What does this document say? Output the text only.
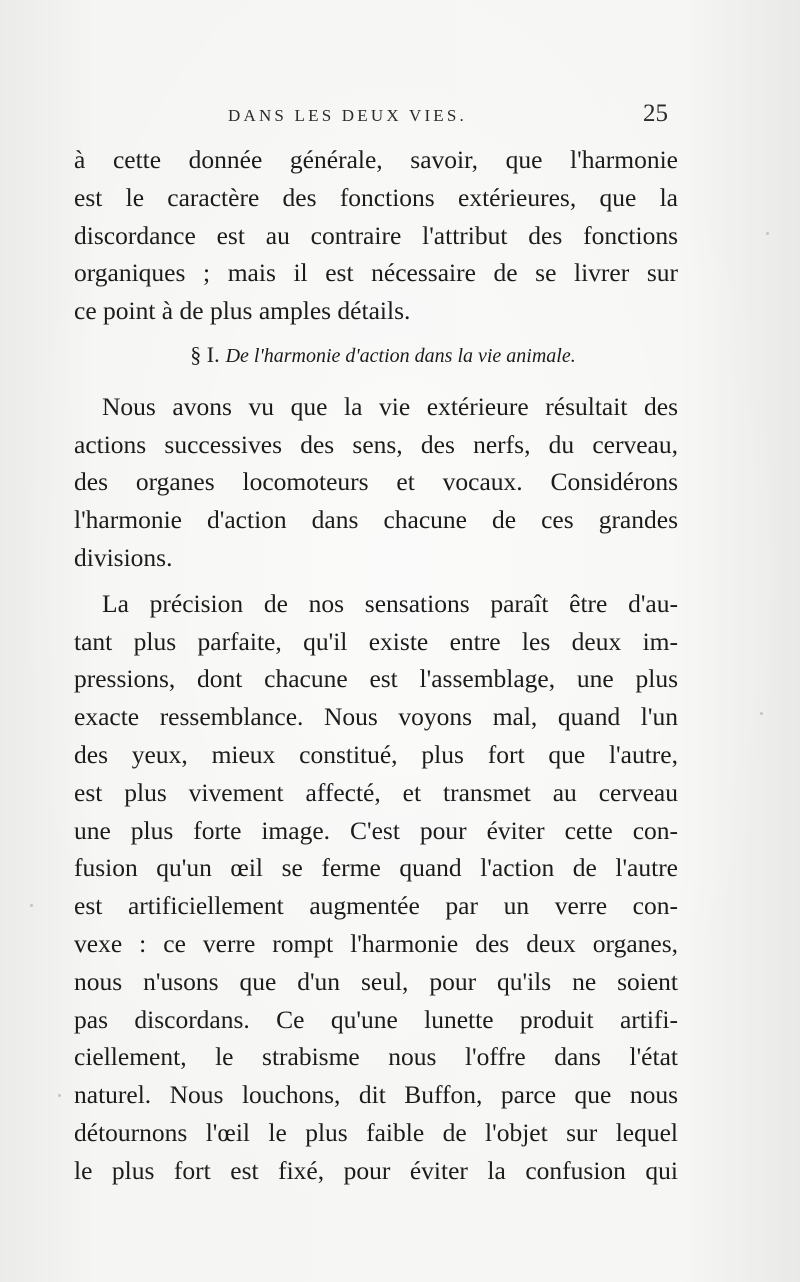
DANS LES DEUX VIES.	25
à cette donnée générale, savoir, que l'harmonie
est le caractère des fonctions extérieures, que la
discordance est au contraire l'attribut des fonctions
organiques ; mais il est nécessaire de se livrer sur
ce point à de plus amples détails.
§ I. De l'harmonie d'action dans la vie animale.
Nous avons vu que la vie extérieure résultait des
actions successives des sens, des nerfs, du cerveau,
des organes locomoteurs et vocaux. Considérons
l'harmonie d'action dans chacune de ces grandes
divisions.
La précision de nos sensations paraît être d'au-
tant plus parfaite, qu'il existe entre les deux im-
pressions, dont chacune est l'assemblage, une plus
exacte ressemblance. Nous voyons mal, quand l'un
des yeux, mieux constitué, plus fort que l'autre,
est plus vivement affecté, et transmet au cerveau
une plus forte image. C'est pour éviter cette con-
fusion qu'un œil se ferme quand l'action de l'autre
est artificiellement augmentée par un verre con-
vexe : ce verre rompt l'harmonie des deux organes,
nous n'usons que d'un seul, pour qu'ils ne soient
pas discordans. Ce qu'une lunette produit artifi-
ciellement, le strabisme nous l'offre dans l'état
naturel. Nous louchons, dit Buffon, parce que nous
détournons l'œil le plus faible de l'objet sur lequel
le plus fort est fixé, pour éviter la confusion qui
